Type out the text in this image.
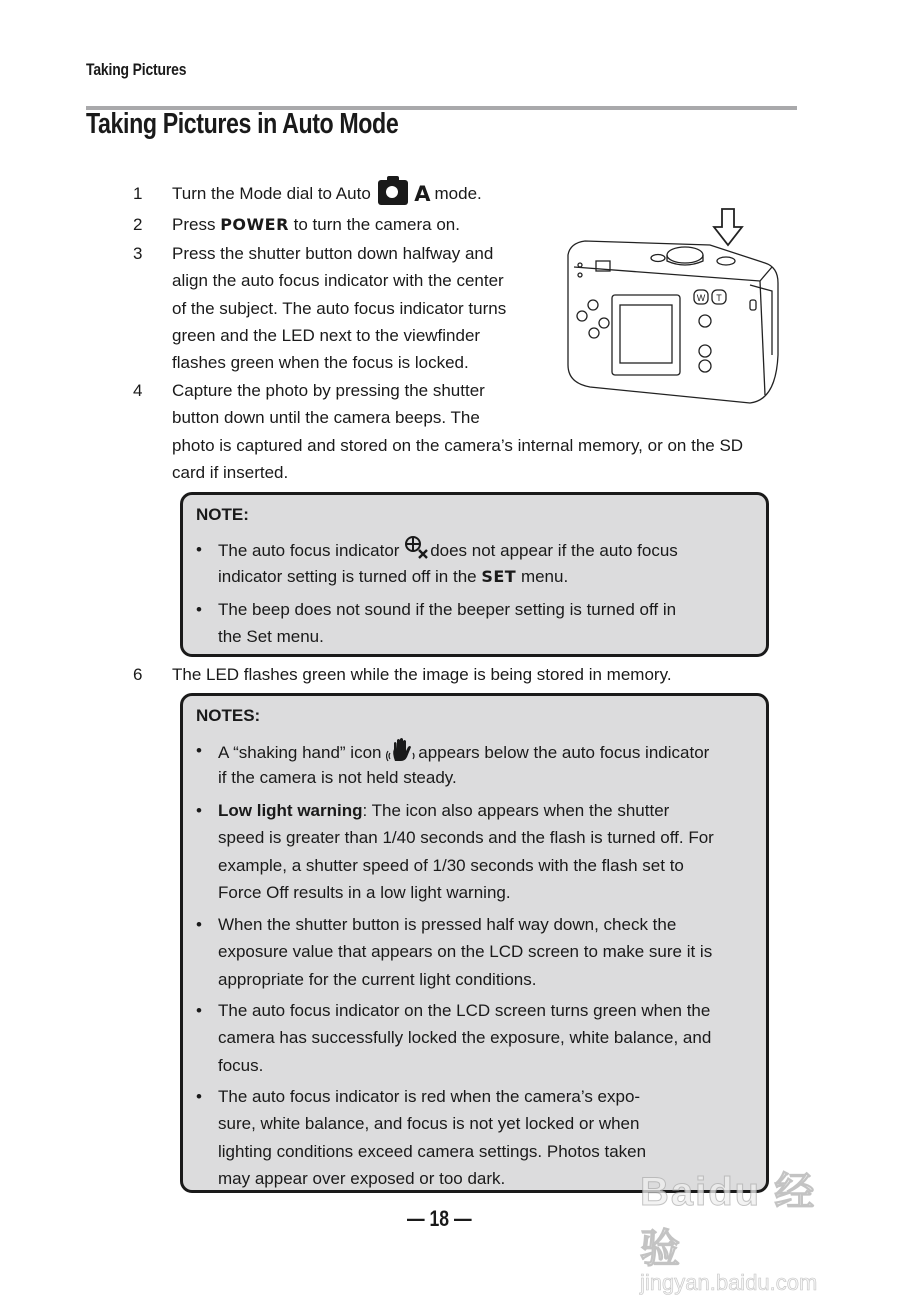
Taking Pictures
Taking Pictures in Auto Mode
1 Turn the Mode dial to Auto A mode.
2 Press POWER to turn the camera on.
3 Press the shutter button down halfway and
align the auto focus indicator with the center
of the subject. The auto focus indicator turns
green and the LED next to the viewfinder
flashes green when the focus is locked.
4 Capture the photo by pressing the shutter
button down until the camera beeps. The
photo is captured and stored on the camera’s internal memory, or on the SD
card if inserted.
W T
NOTE:
• The auto focus indicator does not appear if the auto focus
indicator setting is turned off in the SET menu.
• The beep does not sound if the beeper setting is turned off in
the Set menu.
6 The LED flashes green while the image is being stored in memory.
NOTES:
• A “shaking hand” icon appears below the auto focus indicator
if the camera is not held steady.
• Low light warning: The icon also appears when the shutter
speed is greater than 1/40 seconds and the flash is turned off. For
example, a shutter speed of 1/30 seconds with the flash set to
Force Off results in a low light warning.
• When the shutter button is pressed half way down, check the
exposure value that appears on the LCD screen to make sure it is
appropriate for the current light conditions.
• The auto focus indicator on the LCD screen turns green when the
camera has successfully locked the exposure, white balance, and
focus.
• The auto focus indicator is red when the camera’s expo-
sure, white balance, and focus is not yet locked or when
lighting conditions exceed camera settings. Photos taken
may appear over exposed or too dark.
— 18 —
Baidu 经验
jingyan.baidu.com
